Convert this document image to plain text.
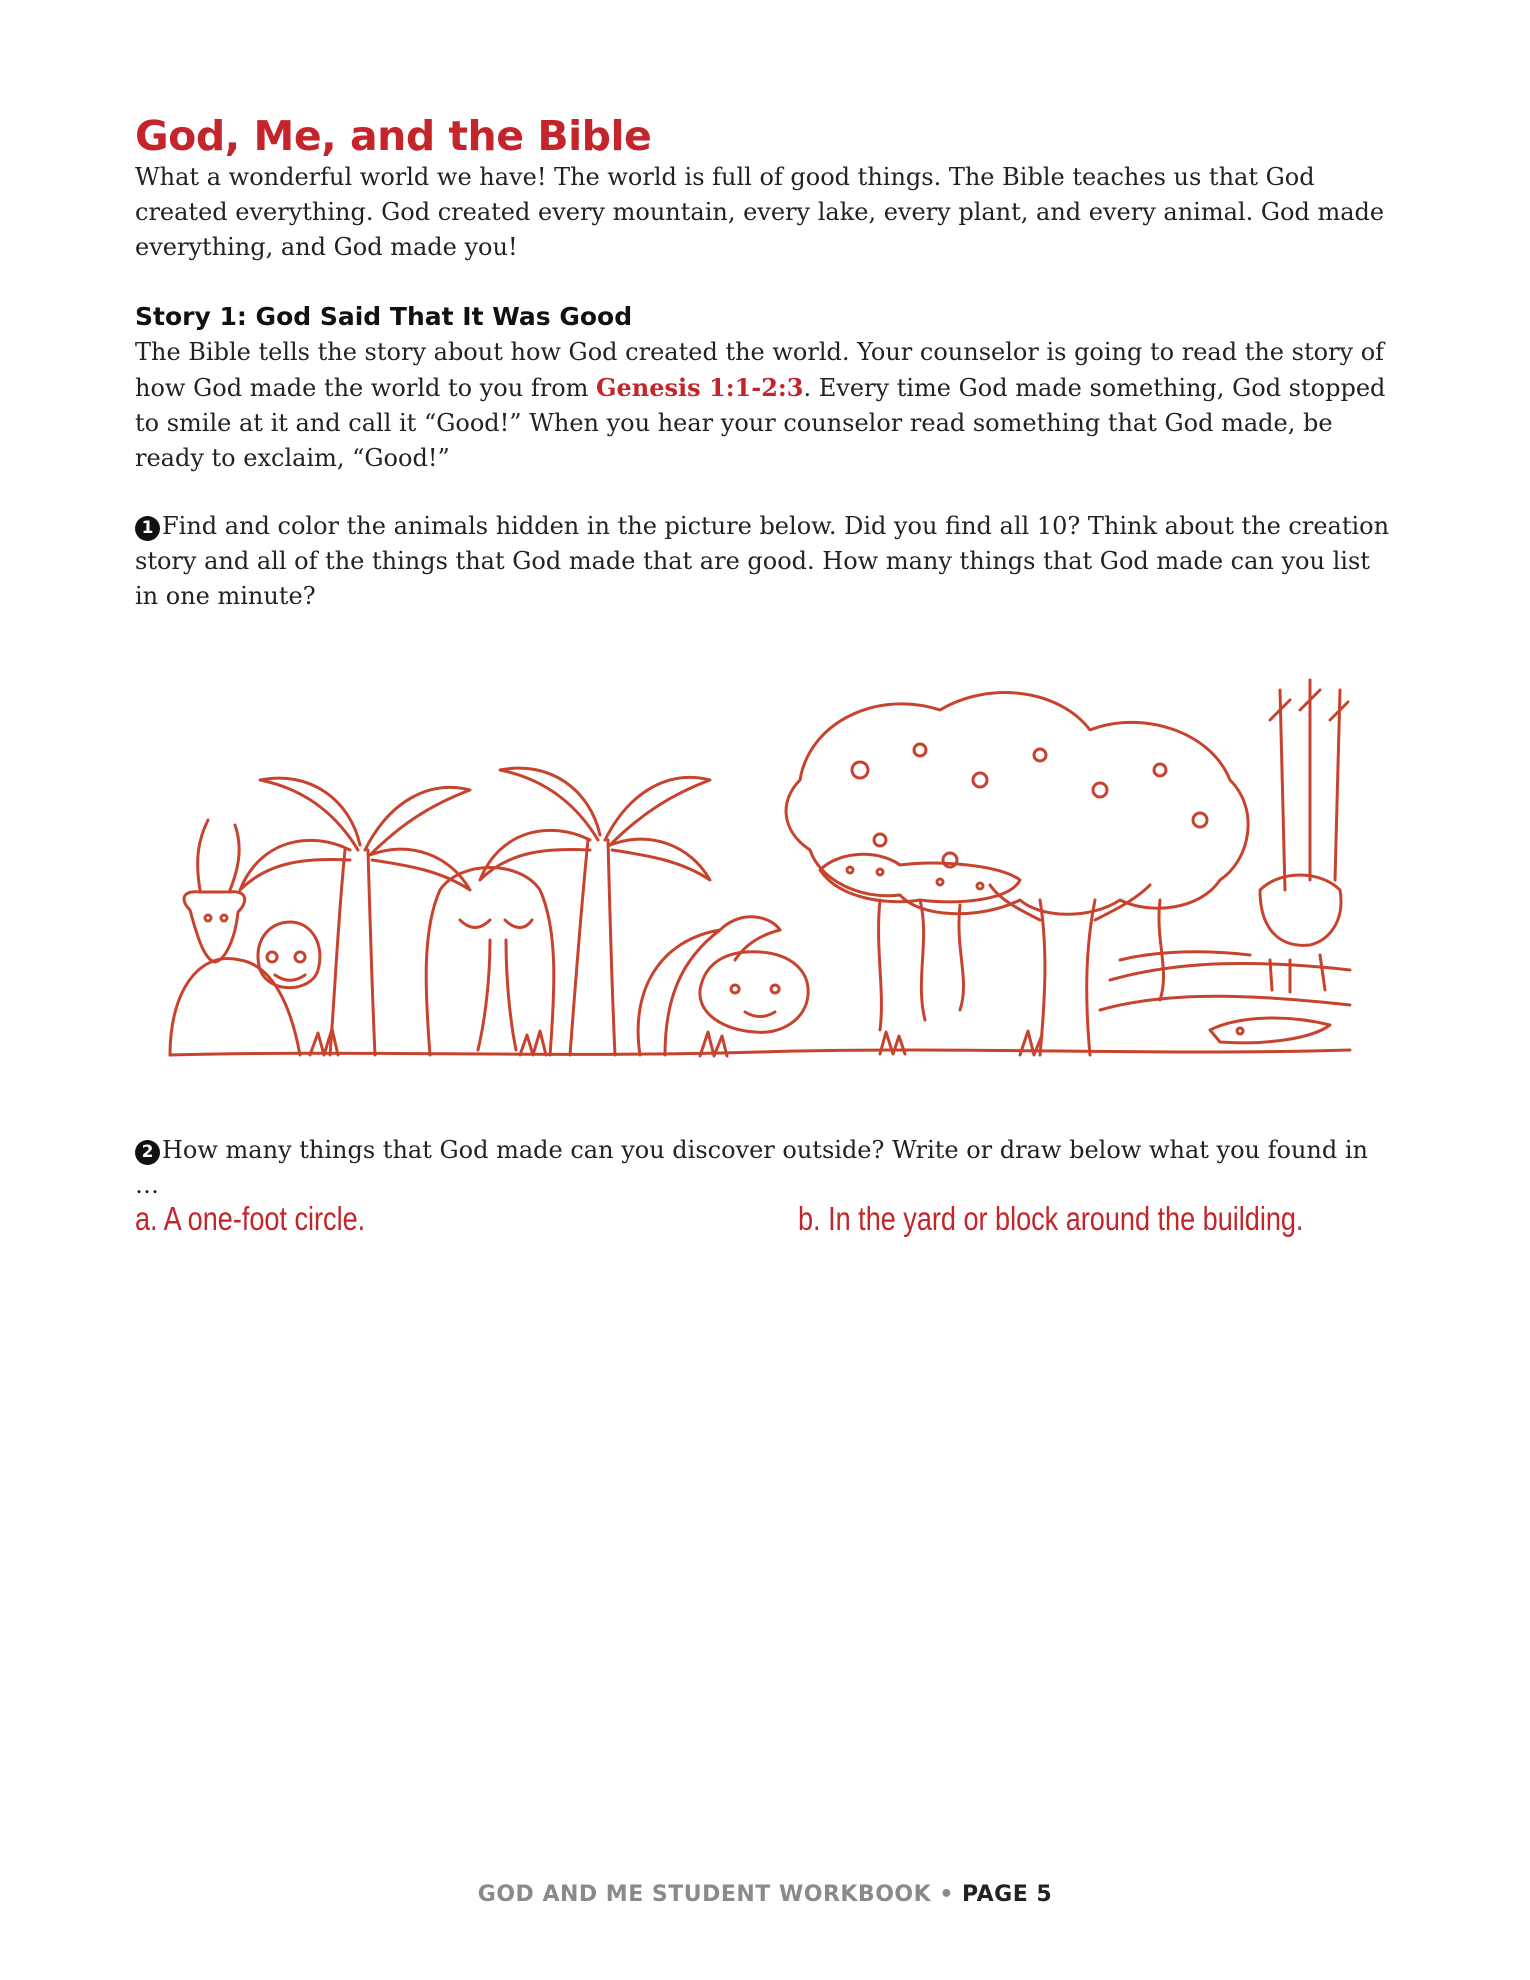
God, Me, and the Bible

What a wonderful world we have! The world is full of good things. The Bible teaches us that God created everything. God created every mountain, every lake, every plant, and every animal. God made everything, and God made you!

Story 1: God Said That It Was Good

The Bible tells the story about how God created the world. Your counselor is going to read the story of how God made the world to you from Genesis 1:1-2:3. Every time God made something, God stopped to smile at it and call it “Good!” When you hear your counselor read something that God made, be ready to exclaim, “Good!”

1 Find and color the animals hidden in the picture below. Did you find all 10? Think about the creation story and all of the things that God made that are good. How many things that God made can you list in one minute?

2 How many things that God made can you discover outside? Write or draw below what you found in …

a. A one-foot circle.	b. In the yard or block around the building.

GOD AND ME STUDENT WORKBOOK • PAGE 5
